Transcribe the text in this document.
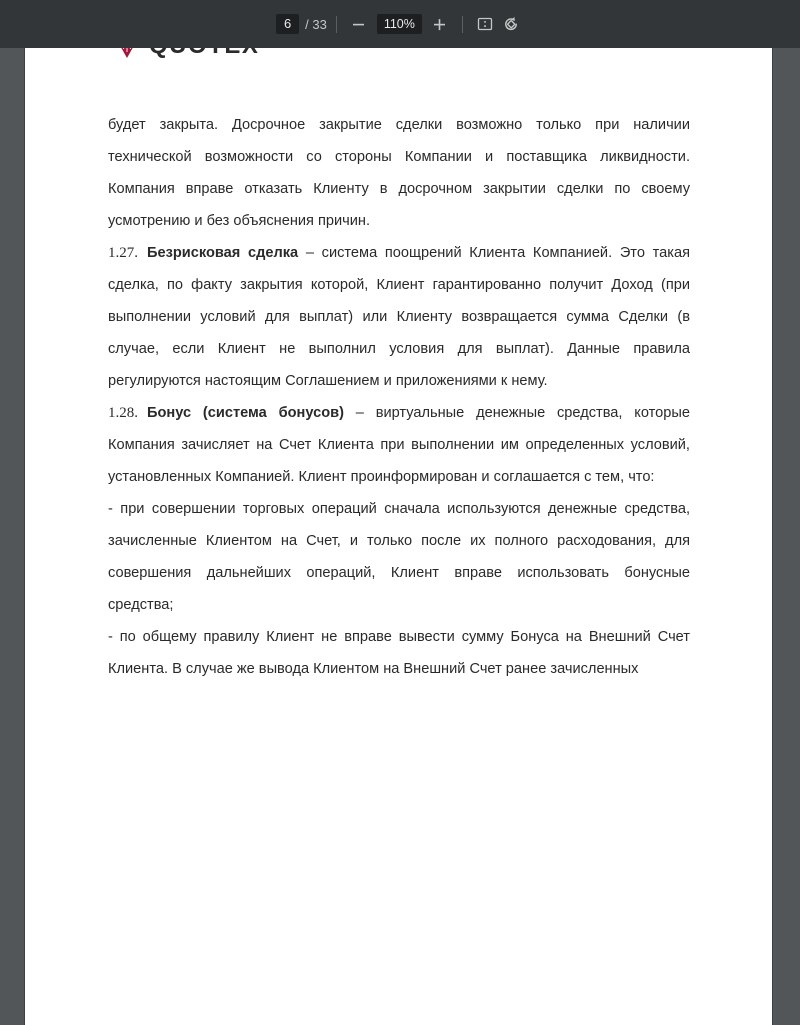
6	/ 33	110%

будет закрыта. Досрочное закрытие сделки возможно только при наличии технической возможности со стороны Компании и поставщика ликвидности. Компания вправе отказать Клиенту в досрочном закрытии сделки по своему усмотрению и без объяснения причин.

1.27. Безрисковая сделка – система поощрений Клиента Компанией. Это такая сделка, по факту закрытия которой, Клиент гарантированно получит Доход (при выполнении условий для выплат) или Клиенту возвращается сумма Сделки (в случае, если Клиент не выполнил условия для выплат). Данные правила регулируются настоящим Соглашением и приложениями к нему.

1.28. Бонус (система бонусов) – виртуальные денежные средства, которые Компания зачисляет на Счет Клиента при выполнении им определенных условий, установленных Компанией. Клиент проинформирован и соглашается с тем, что:

- при совершении торговых операций сначала используются денежные средства, зачисленные Клиентом на Счет, и только после их полного расходования, для совершения дальнейших операций, Клиент вправе использовать бонусные средства;

- по общему правилу Клиент не вправе вывести сумму Бонуса на Внешний Счет Клиента. В случае же вывода Клиентом на Внешний Счет ранее зачисленных
